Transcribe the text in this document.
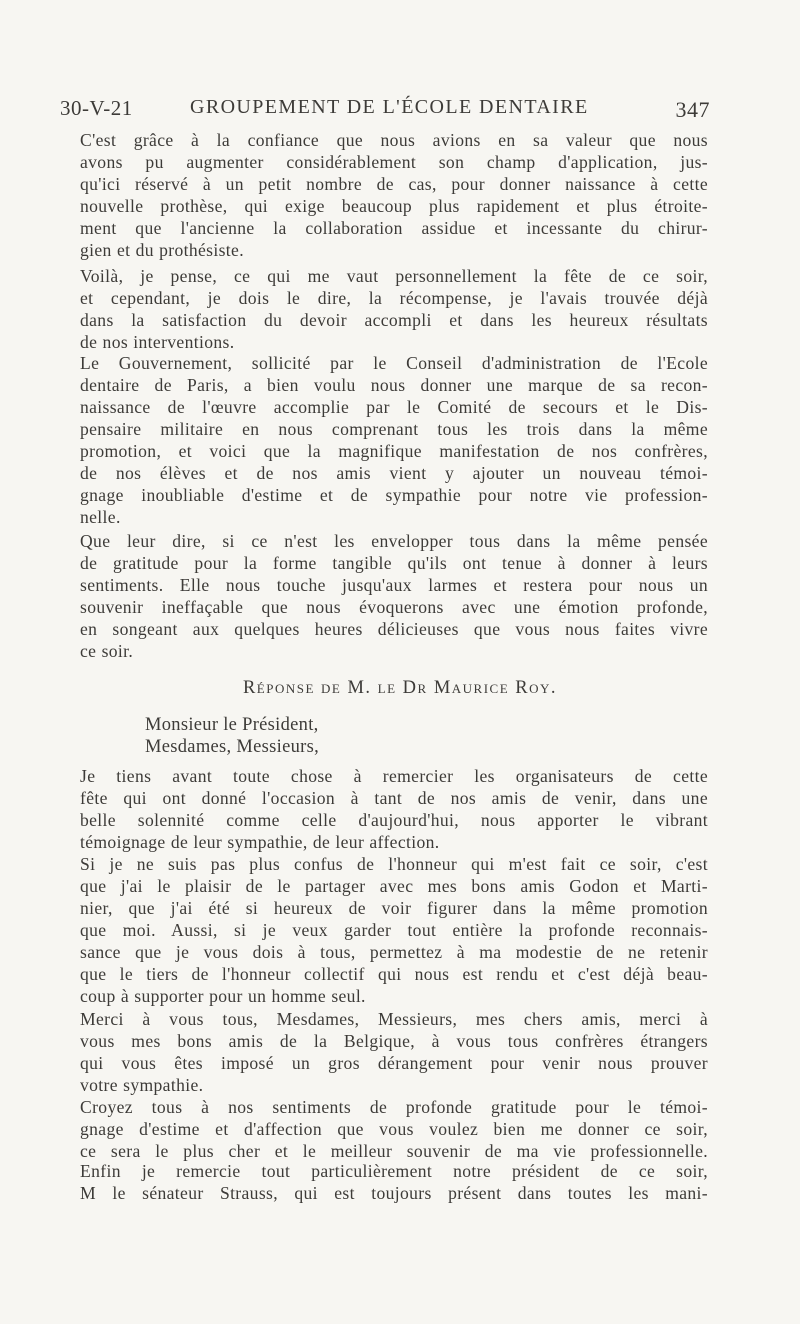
30-V-21	GROUPEMENT DE L'ÉCOLE DENTAIRE	347
C'est grâce à la confiance que nous avions en sa valeur que nous
avons pu augmenter considérablement son champ d'application, jus-
qu'ici réservé à un petit nombre de cas, pour donner naissance à cette
nouvelle prothèse, qui exige beaucoup plus rapidement et plus étroite-
ment que l'ancienne la collaboration assidue et incessante du chirur-
gien et du prothésiste.
Voilà, je pense, ce qui me vaut personnellement la fête de ce soir,
et cependant, je dois le dire, la récompense, je l'avais trouvée déjà
dans la satisfaction du devoir accompli et dans les heureux résultats
de nos interventions.
Le Gouvernement, sollicité par le Conseil d'administration de l'Ecole
dentaire de Paris, a bien voulu nous donner une marque de sa recon-
naissance de l'œuvre accomplie par le Comité de secours et le Dis-
pensaire militaire en nous comprenant tous les trois dans la même
promotion, et voici que la magnifique manifestation de nos confrères,
de nos élèves et de nos amis vient y ajouter un nouveau témoi-
gnage inoubliable d'estime et de sympathie pour notre vie profession-
nelle.
Que leur dire, si ce n'est les envelopper tous dans la même pensée
de gratitude pour la forme tangible qu'ils ont tenue à donner à leurs
sentiments. Elle nous touche jusqu'aux larmes et restera pour nous un
souvenir ineffaçable que nous évoquerons avec une émotion profonde,
en songeant aux quelques heures délicieuses que vous nous faites vivre
ce soir.
Réponse de M. le Dr Maurice Roy.
Monsieur le Président,
Mesdames, Messieurs,
Je tiens avant toute chose à remercier les organisateurs de cette
fête qui ont donné l'occasion à tant de nos amis de venir, dans une
belle solennité comme celle d'aujourd'hui, nous apporter le vibrant
témoignage de leur sympathie, de leur affection.
Si je ne suis pas plus confus de l'honneur qui m'est fait ce soir, c'est
que j'ai le plaisir de le partager avec mes bons amis Godon et Marti-
nier, que j'ai été si heureux de voir figurer dans la même promotion
que moi. Aussi, si je veux garder tout entière la profonde reconnais-
sance que je vous dois à tous, permettez à ma modestie de ne retenir
que le tiers de l'honneur collectif qui nous est rendu et c'est déjà beau-
coup à supporter pour un homme seul.
Merci à vous tous, Mesdames, Messieurs, mes chers amis, merci à
vous mes bons amis de la Belgique, à vous tous confrères étrangers
qui vous êtes imposé un gros dérangement pour venir nous prouver
votre sympathie.
Croyez tous à nos sentiments de profonde gratitude pour le témoi-
gnage d'estime et d'affection que vous voulez bien me donner ce soir,
ce sera le plus cher et le meilleur souvenir de ma vie professionnelle.
Enfin je remercie tout particulièrement notre président de ce soir,
M le sénateur Strauss, qui est toujours présent dans toutes les mani-
